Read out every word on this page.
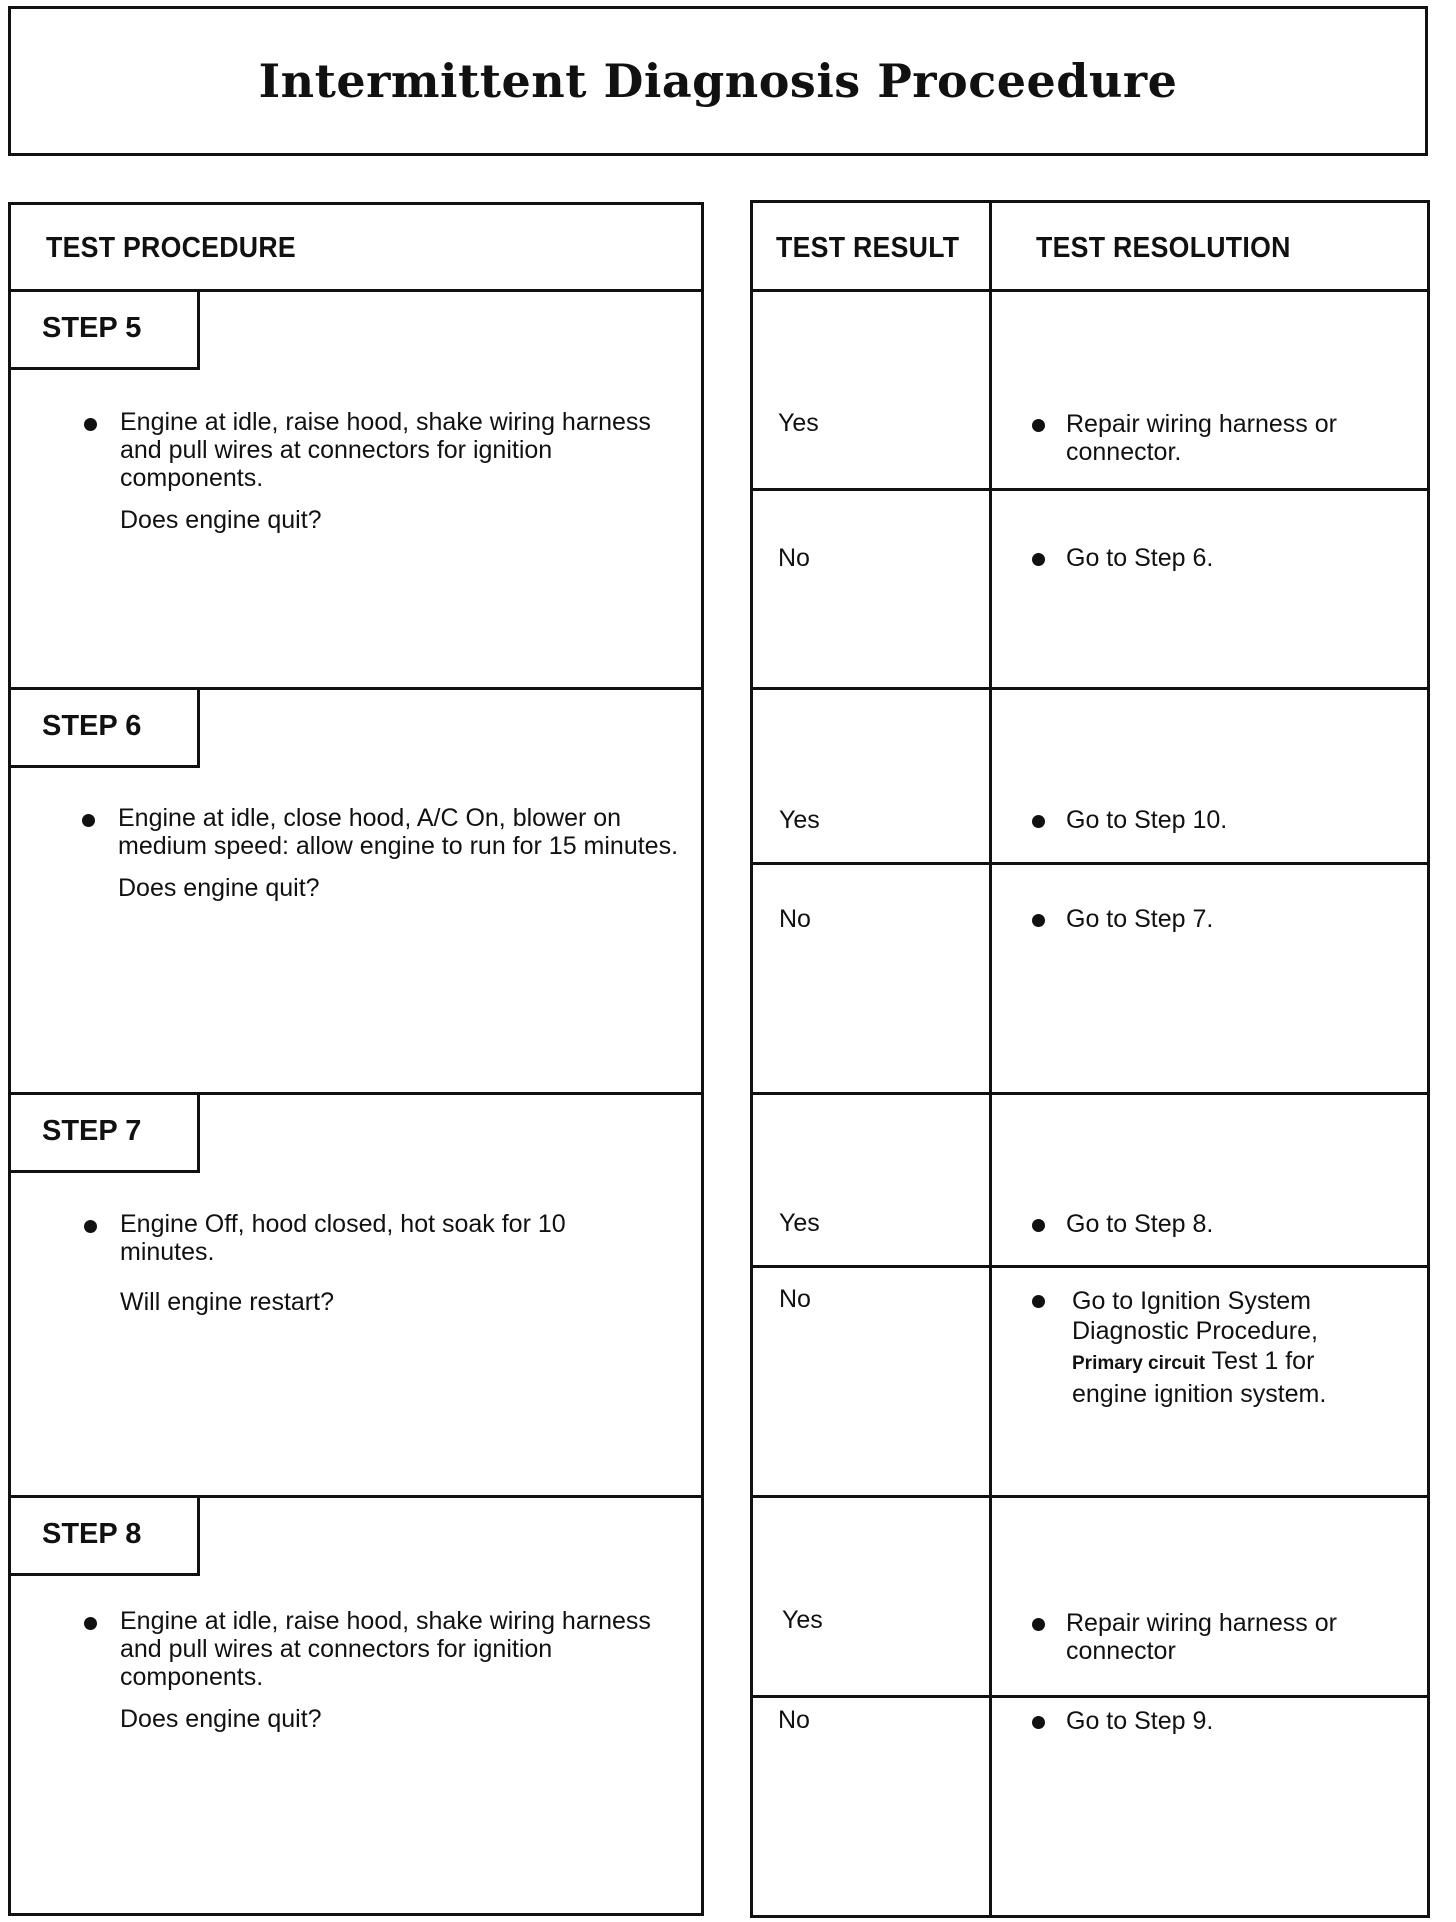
Intermittent Diagnosis Proceedure
TEST PROCEDURE	TEST RESULT	TEST RESOLUTION
STEP 5
Engine at idle, raise hood, shake wiring harness and pull wires at connectors for ignition components.
Does engine quit?
Yes	Repair wiring harness or connector.
No	Go to Step 6.
STEP 6
Engine at idle, close hood, A/C On, blower on medium speed: allow engine to run for 15 minutes.
Does engine quit?
Yes	Go to Step 10.
No	Go to Step 7.
STEP 7
Engine Off, hood closed, hot soak for 10 minutes.
Will engine restart?
Yes	Go to Step 8.
No	Go to Ignition System Diagnostic Procedure, Primary circuit Test 1 for engine ignition system.
STEP 8
Engine at idle, raise hood, shake wiring harness and pull wires at connectors for ignition components.
Does engine quit?
Yes	Repair wiring harness or connector
No	Go to Step 9.
